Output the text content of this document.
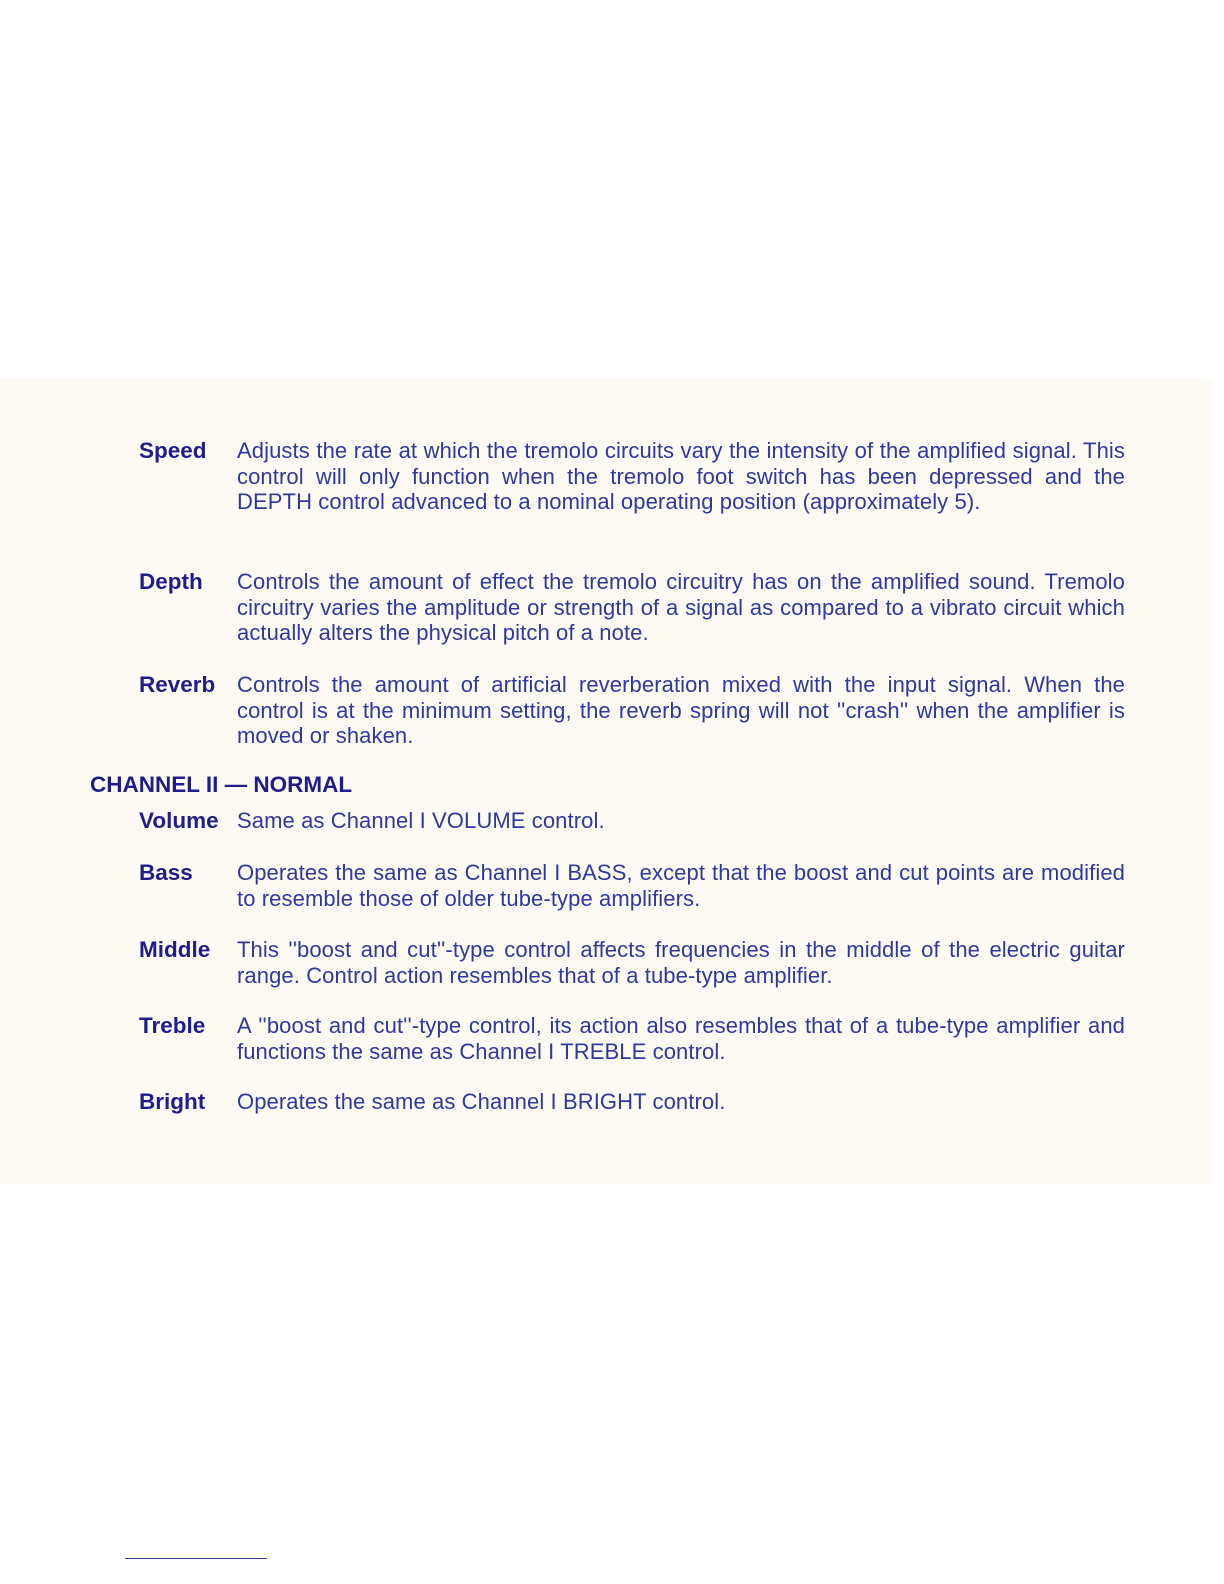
Speed Adjusts the rate at which the tremolo circuits vary the intensity of the amplified signal. This control will only function when the tremolo foot switch has been depressed and the DEPTH control advanced to a nominal operating position (approximately 5).
Depth Controls the amount of effect the tremolo circuitry has on the amplified sound. Tremolo circuitry varies the amplitude or strength of a signal as compared to a vibrato circuit which actually alters the physical pitch of a note.
Reverb Controls the amount of artificial reverberation mixed with the input signal. When the control is at the minimum setting, the reverb spring will not ''crash'' when the amplifier is moved or shaken.
CHANNEL II — NORMAL
Volume Same as Channel I VOLUME control.
Bass Operates the same as Channel I BASS, except that the boost and cut points are modified to resemble those of older tube-type amplifiers.
Middle This ''boost and cut''-type control affects frequencies in the middle of the electric guitar range. Control action resembles that of a tube-type amplifier.
Treble A ''boost and cut''-type control, its action also resembles that of a tube-type amplifier and functions the same as Channel I TREBLE control.
Bright Operates the same as Channel I BRIGHT control.
